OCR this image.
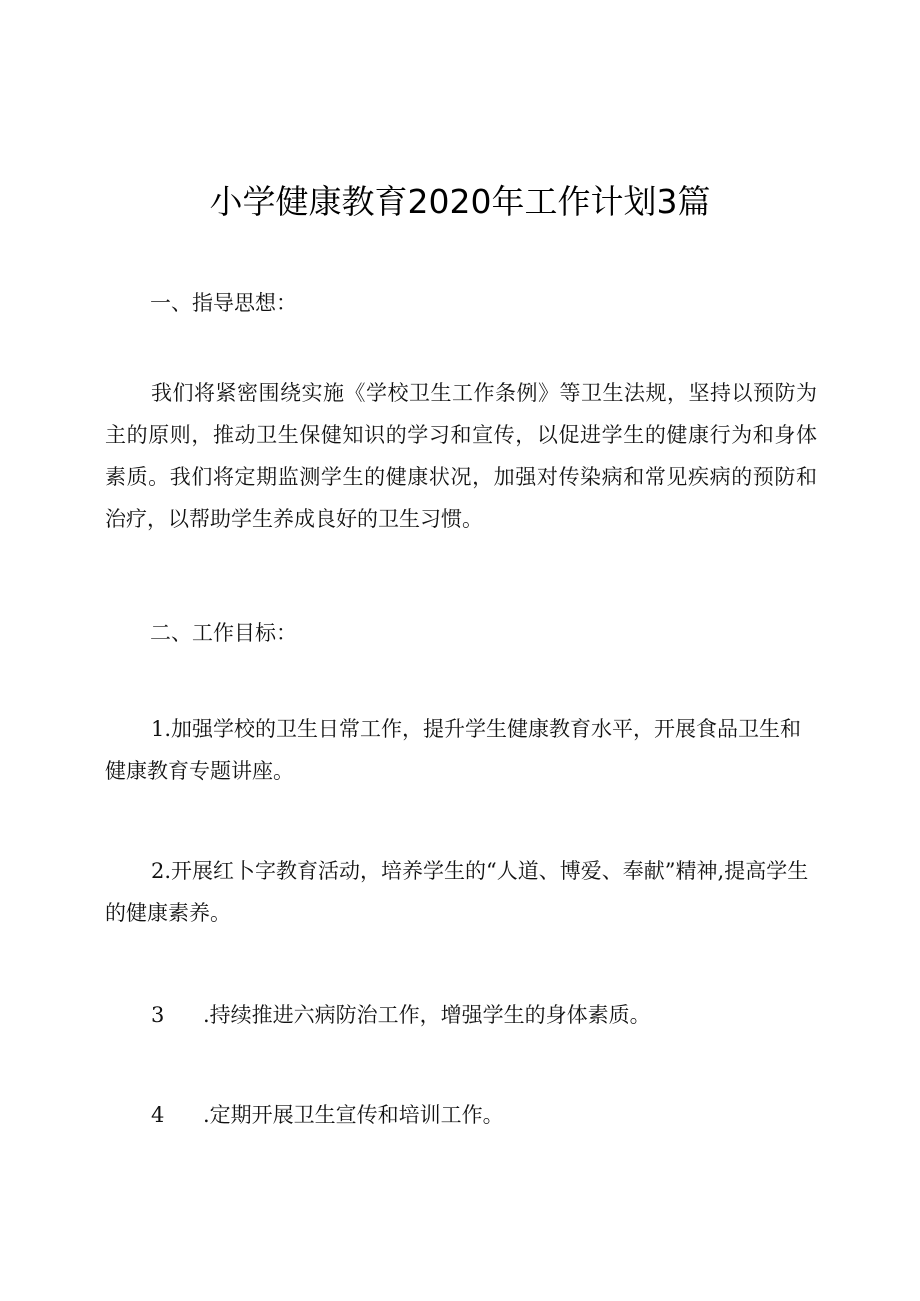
小学健康教育2020年工作计划3篇

一、指导思想：

我们将紧密围绕实施《学校卫生工作条例》等卫生法规，坚持以预防为主的原则，推动卫生保健知识的学习和宣传，以促进学生的健康行为和身体素质。我们将定期监测学生的健康状况，加强对传染病和常见疾病的预防和治疗，以帮助学生养成良好的卫生习惯。

二、工作目标：

1.加强学校的卫生日常工作，提升学生健康教育水平，开展食品卫生和健康教育专题讲座。

2.开展红卜字教育活动，培养学生的“人道、博爱、奉献”精神,提高学生的健康素养。

3 .持续推进六病防治工作，增强学生的身体素质。

4 .定期开展卫生宣传和培训工作。
